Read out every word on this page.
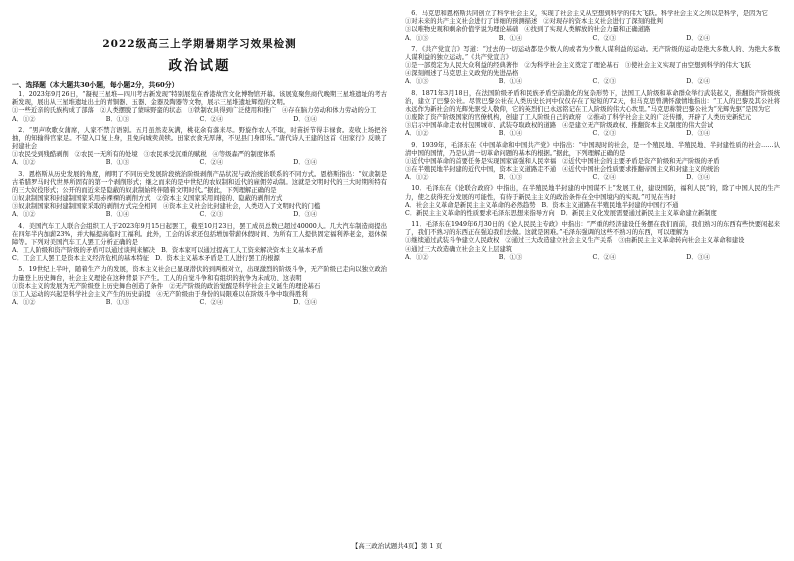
2022级高三上学期暑期学习效果检测
政治试题
一、选择题（本大题共30小题，每小题2分，共60分）
1．2023年9月26日，“凝视三星堆—四川考古新发现”特别展览在香港故宫文化博物馆开幕。该展览聚焦商代晚期三星堆遗址的考古新发现，展出从三星堆遗址出土的青铜器、玉器、金器及陶器等文物，展示三星堆遗址辉煌的文明。
①一些近亲的氏族构成了部落 ②人类摆脱了蒙昧野蛮的状态 ③铁制农具得到广泛使用和推广 ④存在脑力劳动和体力劳动的分工
A．①②	B．①③	C．②④	D．③④
2．“男声吹歌女蒲席，人家不禁言语别。五月虽然麦灰满，桃花余有落来尽。野旋作农人不取，时苗折节得丰禄食。麦收上场把谷抽，的知输得官家足。不望入口复上身，且免向城卖黄犊。田家衣食无厚薄，不见县门身即乐。”唐代诗人王建的这首《田家行》反映了封建社会
①农民受到残酷剥削 ②农民一无所有的处境 ③农民承受沉重的赋税 ④等级森严的制度体系
A．①②	B．①③	C．②④	D．③④
3．恩格斯从历史发展的角度，阐明了不同历史发展阶段统治阶级剥削产品状况与政治统治联系的不同方式。恩格斯指出：“奴隶制是古希腊罗马时代世界所固有的第一个剥削形式；继之而来的是中世纪的农奴制和近代的雇佣劳动制。这就是文明时代的三大时期所特有的三大奴役形式；公开的而近来是隐蔽的奴隶制始终伴随着文明时代。”据此，下列理解正确的是
①奴隶制国家和封建制国家采用赤裸裸的剥削方式 ②资本主义国家采用间接的、隐蔽的剥削方式
③奴隶制国家和封建制国家采取的剥削方式完全相同 ④资本主义社会比封建社会，人类迈入了文明时代的门槛
A．①②	B．①④	C．②③	D．③④
4．美国汽车工人联合会组织工人于2023年9月15日起罢工，截至10月23日，罢工成员总数已超过40000人。几大汽车制造商提出在四年半内加薪23%，并大幅提高临时工福利。此外，工会的诉求还包括增加带薪休假时间、为所有工人提供固定福利养老金，退休保障等。下列对美国汽车工人罢工分析正确的是
A．工人阶级和资产阶级的矛盾可以通过谈判来解决 B．资本家可以通过提高工人工资来解决资本主义基本矛盾
C．工会工人罢工是资本主义经济危机的基本特征 D．资本主义基本矛盾是工人进行罢工的根源
5．19世纪上半叶，随着生产力的发展，资本主义社会已显现潜伏的到两极对立，出现激烈的阶级斗争，无产阶级已走向以独立政治力量登上历史舞台，社会主义理论在这种背景下产生。工人的自觉斗争和有组织的抗争为未成功、这表明
①资本主义的发展为无产阶级登上历史舞台创造了条件 ②无产阶级的政治觉醒是科学社会主义诞生的理论基石
③工人运动的兴起是科学社会主义产生的历史前提 ④无产阶级由于身份的局限难以在阶级斗争中取得胜利
A．①②	B．①③	C．②④	D．③④
6．马克思和恩格斯共同创立了科学社会主义，实现了社会主义从空想到科学的伟大飞跃。科学社会主义之所以是科学，是因为它
①对未来的共产主义社会进行了详细的预测描述 ②对现存的资本主义社会进行了深刻的批判
③以唯物史观和剩余价值学说为理论基础 ④找到了实现人类解放的社会力量和正确道路
A．①③	B．①④	C．②③	D．②④
7．《共产党宣言》写道：“过去的一切运动都是少数人的或者为少数人谋利益的运动。无产阶级的运动是绝大多数人的、为绝大多数人谋利益的独立运动。”《共产党宣言》
①是一部奠定为人民大众利益的经典著作 ②为科学社会主义奠定了理论基石 ③使社会主义实现了由空想到科学的伟大飞跃
④深刻阐述了马克思主义政党的先进品格
A．①③	B．①④	C．②③	D．②④
8．1871年3月18日，在法国阶级矛盾和民族矛盾空前激化的复杂形势下，法国工人阶级和革命群众举行武装起义，推翻资产阶级统治，建立了巴黎公社。尽管巴黎公社在人类历史长河中仅仅存在了短短的72天，但马克思曾满怀激情地指出：“工人的巴黎及其公社将永远作为新社会的光辉先驱受人敬仰，它的英烈们已永远铭记在工人阶级的伟大心坎里。”马克思称赞巴黎公社为“光辉先驱”是因为它
①废除了资产阶级国家的官僚机构，创建了工人阶级自己的政府 ②推动了科学社会主义的广泛传播，开辟了人类历史新纪元
③启示中国革命走农村包围城市、武装夺取政权的道路 ④是建立无产阶级政权、推翻资本主义制度的伟大尝试
A．①②	B．①④	C．②③	D．③④
9．1939年，毛泽东在《中国革命和中国共产党》中指出：“中国现时的社会，是一个殖民地、半殖民地、半封建性质的社会……认清中国的国情，乃是认清一切革命问题的基本的根据。”据此，下列理解正确的是
①近代中国革命的首要任务是实现国家富强和人民幸福 ②近代中国社会的主要矛盾是资产阶级和无产阶级的矛盾
③在半殖民地半封建的近代中国，资本主义道路走不通 ④近代中国社会性质要求推翻帝国主义和封建主义的统治
A．①②	B．①③	C．②④	D．③④
10．毛泽东在《论联合政府》中指出，在半殖民地半封建的中国谋不上“发展工业，建设国防，福利人民”的，除了中国人民的生产力，使之获得充分发展的可能性，有待于新民主主义的政治条件在全中国境内的实现。”可见在当时
A．社会主义革命是新民主主义革命的必然趋势 B．资本主义道路在半殖民地半封建的中国行不通
C．新民主主义革命的性质要求毛泽东思想来指导方向 D．新民主义化发展需要通过新民主主义革命建立新制度
11．毛泽东在1949年6月30日的《论人民民主专政》中指出：“严重的经济建设任务摆在我们面前，我们熟习的东西有些快要闲起来了，我们不熟习的东西正在强迫我们去做。这就是困难。”毛泽东强调的这些不熟习的东西，可以理解为
①继续通过武装斗争建立人民政权 ②通过三大改造建立社会主义生产关系 ③由新民主主义革命转向社会主义革命和建设
④通过三大改造确立社会主义上层建筑
A．①②	B．①③	C．②④	D．③④
【高三政治试题共4页】第 1 页
